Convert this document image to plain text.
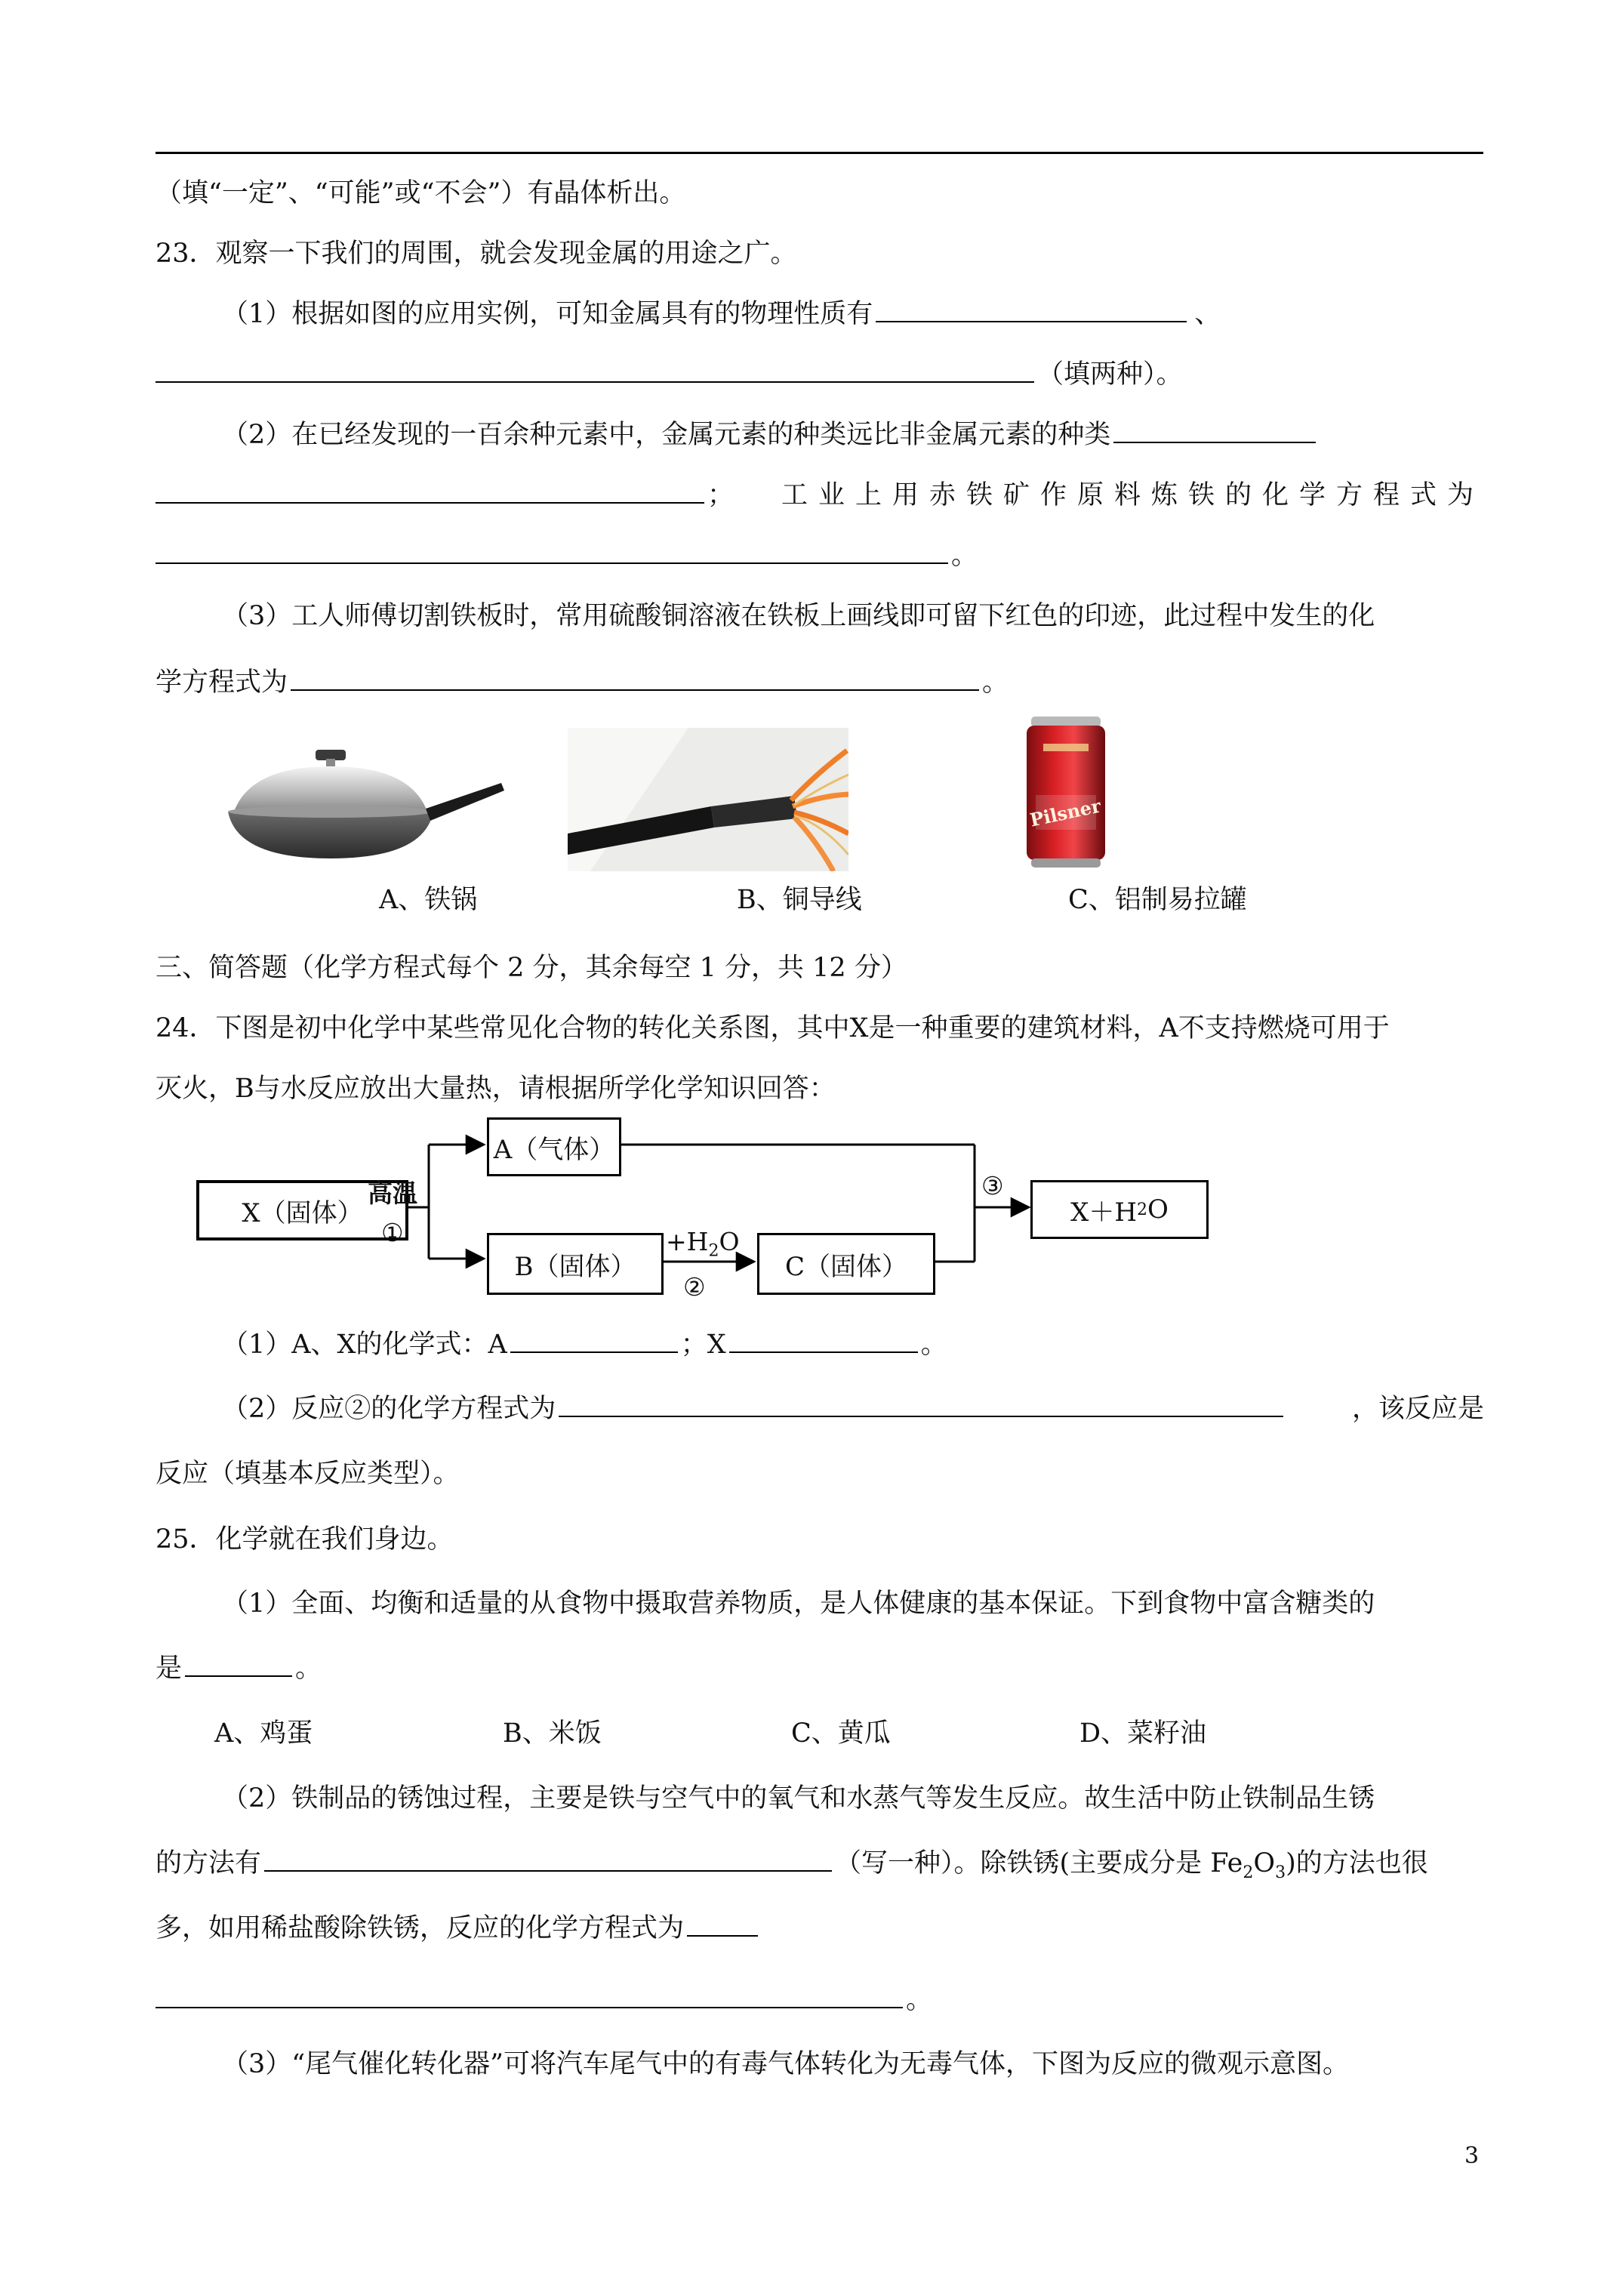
（填“一定”、“可能”或“不会”）有晶体析出。
23．观察一下我们的周围，就会发现金属的用途之广。
（1）根据如图的应用实例，可知金属具有的物理性质有	、
（填两种）。
（2）在已经发现的一百余种元素中，金属元素的种类远比非金属元素的种类
； 工业上用赤铁矿作原料炼铁的化学方程式为
。
（3）工人师傅切割铁板时，常用硫酸铜溶液在铁板上画线即可留下红色的印迹，此过程中发生的化
学方程式为	。
Pilsner
A、铁锅	B、铜导线	C、铝制易拉罐
三、简答题（化学方程式每个 2 分，其余每空 1 分，共 12 分）
24．下图是初中化学中某些常见化合物的转化关系图，其中X是一种重要的建筑材料，A不支持燃烧可用于
灭火，B与水反应放出大量热，请根据所学化学知识回答：
X（固体）
A（气体）
B（固体）	C（固体）
X＋H 2 O
高温
①	$+H_2O$
②
③
（1）A、X的化学式：A	；X	。
（2）反应②的化学方程式为	，该反应是
反应（填基本反应类型）。
25．化学就在我们身边。
（1）全面、均衡和适量的从食物中摄取营养物质，是人体健康的基本保证。下到食物中富含糖类的
是	。
A、鸡蛋	B、米饭	C、黄瓜	D、菜籽油
（2）铁制品的锈蚀过程，主要是铁与空气中的氧气和水蒸气等发生反应。故生活中防止铁制品生锈
的方法有	（写一种）。除铁锈(主要成分是 $Fe_2O_3$)的方法也很
多，如用稀盐酸除铁锈，反应的化学方程式为
。
（3）“尾气催化转化器”可将汽车尾气中的有毒气体转化为无毒气体，下图为反应的微观示意图。
3
